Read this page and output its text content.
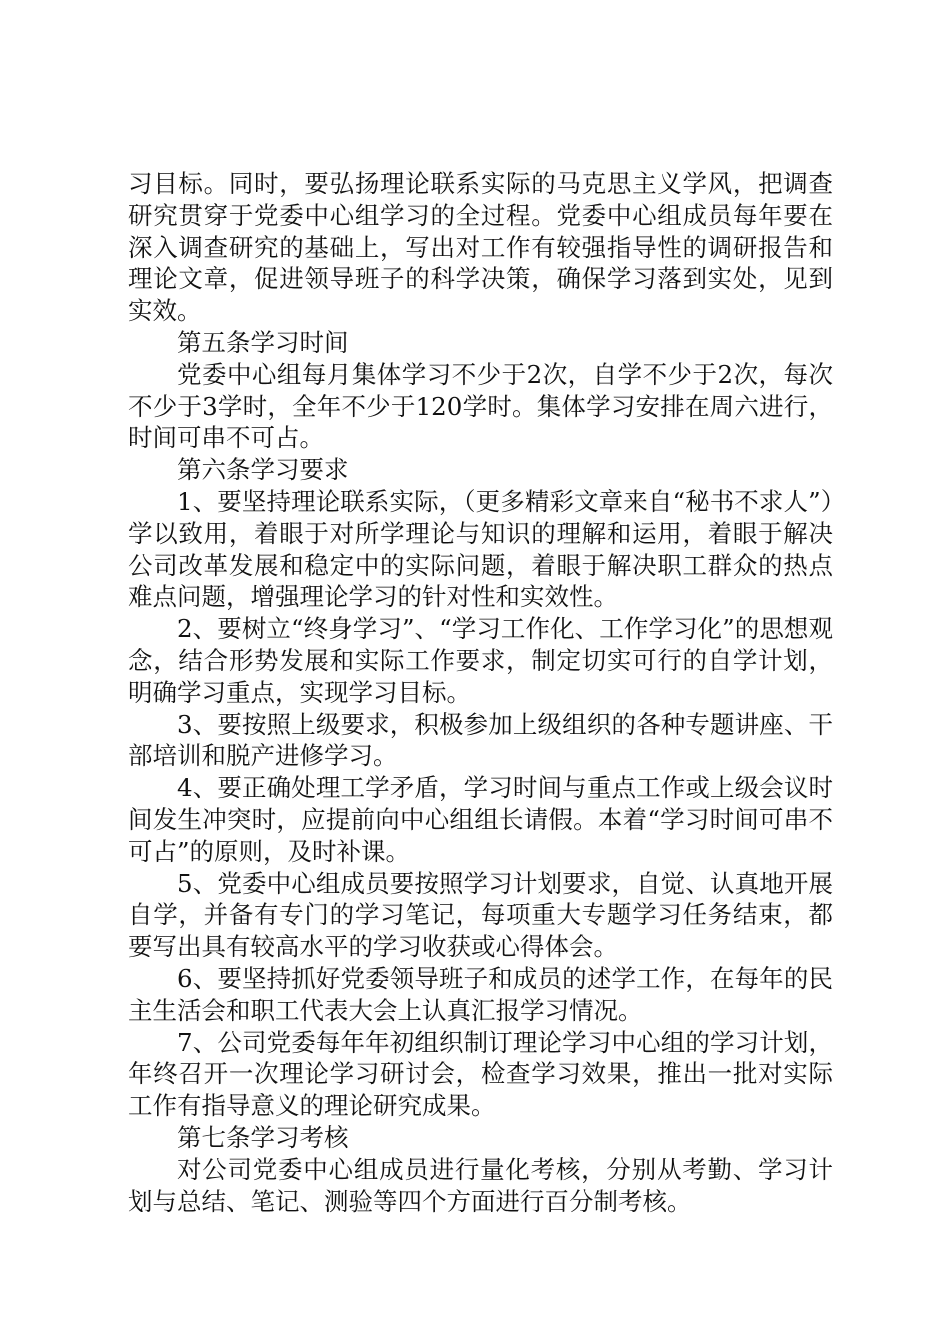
习目标。同时，要弘扬理论联系实际的马克思主义学风，把调查研究贯穿于党委中心组学习的全过程。党委中心组成员每年要在深入调查研究的基础上，写出对工作有较强指导性的调研报告和理论文章，促进领导班子的科学决策，确保学习落到实处，见到实效。

第五条学习时间

党委中心组每月集体学习不少于2次，自学不少于2次，每次不少于3学时，全年不少于120学时。集体学习安排在周六进行，时间可串不可占。

第六条学习要求

1、要坚持理论联系实际，（更多精彩文章来自“秘书不求人”）学以致用，着眼于对所学理论与知识的理解和运用，着眼于解决公司改革发展和稳定中的实际问题，着眼于解决职工群众的热点难点问题，增强理论学习的针对性和实效性。

2、要树立“终身学习”、“学习工作化、工作学习化”的思想观念，结合形势发展和实际工作要求，制定切实可行的自学计划，明确学习重点，实现学习目标。

3、要按照上级要求，积极参加上级组织的各种专题讲座、干部培训和脱产进修学习。

4、要正确处理工学矛盾，学习时间与重点工作或上级会议时间发生冲突时，应提前向中心组组长请假。本着“学习时间可串不可占”的原则，及时补课。

5、党委中心组成员要按照学习计划要求，自觉、认真地开展自学，并备有专门的学习笔记，每项重大专题学习任务结束，都要写出具有较高水平的学习收获或心得体会。

6、要坚持抓好党委领导班子和成员的述学工作，在每年的民主生活会和职工代表大会上认真汇报学习情况。

7、公司党委每年年初组织制订理论学习中心组的学习计划，年终召开一次理论学习研讨会，检查学习效果，推出一批对实际工作有指导意义的理论研究成果。

第七条学习考核

对公司党委中心组成员进行量化考核，分别从考勤、学习计划与总结、笔记、测验等四个方面进行百分制考核。
